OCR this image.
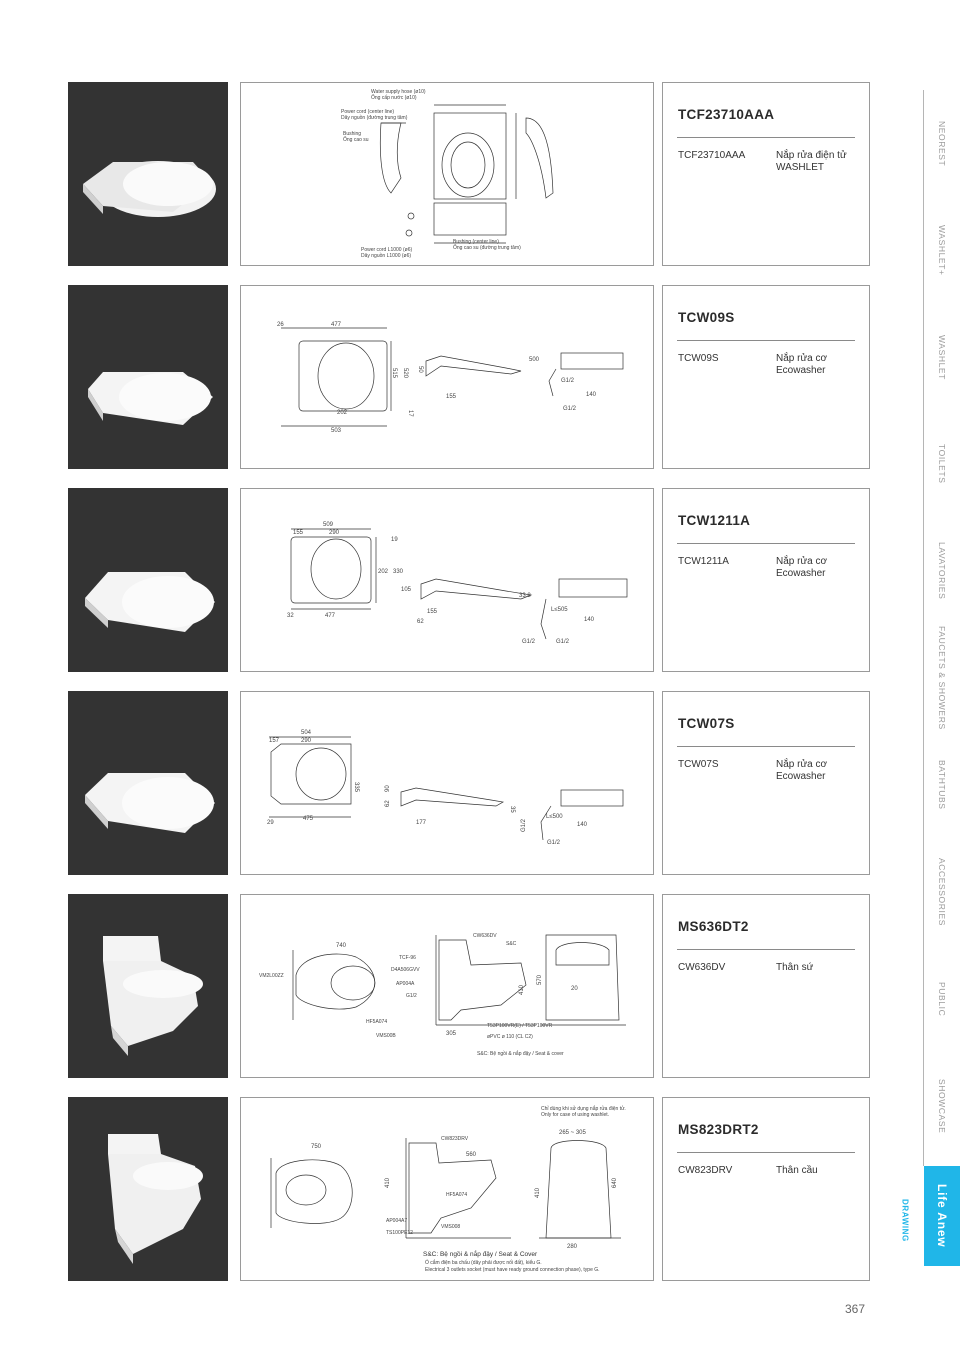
Water supply hose (ø10)
Ống cấp nước (ø10)
Power cord (center line)
Dây nguồn (đường trung tâm)
Bushing
Ống cao su
Power cord L1000 (ø6)
Dây nguồn L1000 (ø6)
Bushing (center line)
Ống cao su (đường trung tâm)
TCF23710AAA
TCF23710AAA	Nắp rửa điện tử WASHLET
26	477
520
515
202
503
500
155
G1/2
140
G1/2
17
50
TCW09S
TCW09S	Nắp rửa cơ Ecowasher
509
290
155
19
202 330
32	477
105
155
62
33.8
L≤505
140
G1/2	G1/2
TCW1211A
TCW1211A	Nắp rửa cơ Ecowasher
504
157	290
335
29
475
62
90
177
35
L≤500
140
G1/2
G1/2
TCW07S
TCW07S	Nắp rửa cơ Ecowasher
740
410
CW636DV
S&C
TCF-96
D4A506GVV
AP004A
G1/2
HF5A074
VM2L00ZZ
VMS00B	305
T53P100VR(E) / T53P100VR
øPVC ø 110 (CL C2)
S&C: Bệ ngồi & nắp đậy / Seat & cover
570
20
MS636DT2
CW636DV	Thân sứ
750
410
CW823DRV
560
HF5A074
AP004A7
TS100PE12
VMS008
S&C: Bệ ngồi & nắp đậy / Seat & Cover
Ổ cắm điện ba chấu (dây phải được nối đất), kiểu G.
Electrical 3 outlets socket (must have ready ground connection phase), type G.
Chỉ dùng khi sử dụng nắp rửa điện tử.
Only for case of using washlet.
265 ~ 305
280
410
640
MS823DRT2
CW823DRV	Thân cầu
NEOREST
WASHLET+
WASHLET
TOILETS
LAVATORIES
FAUCETS & SHOWERS
BATHTUBS
ACCESSORIES
PUBLIC
SHOWCASE
Life Anew
DRAWING
367
